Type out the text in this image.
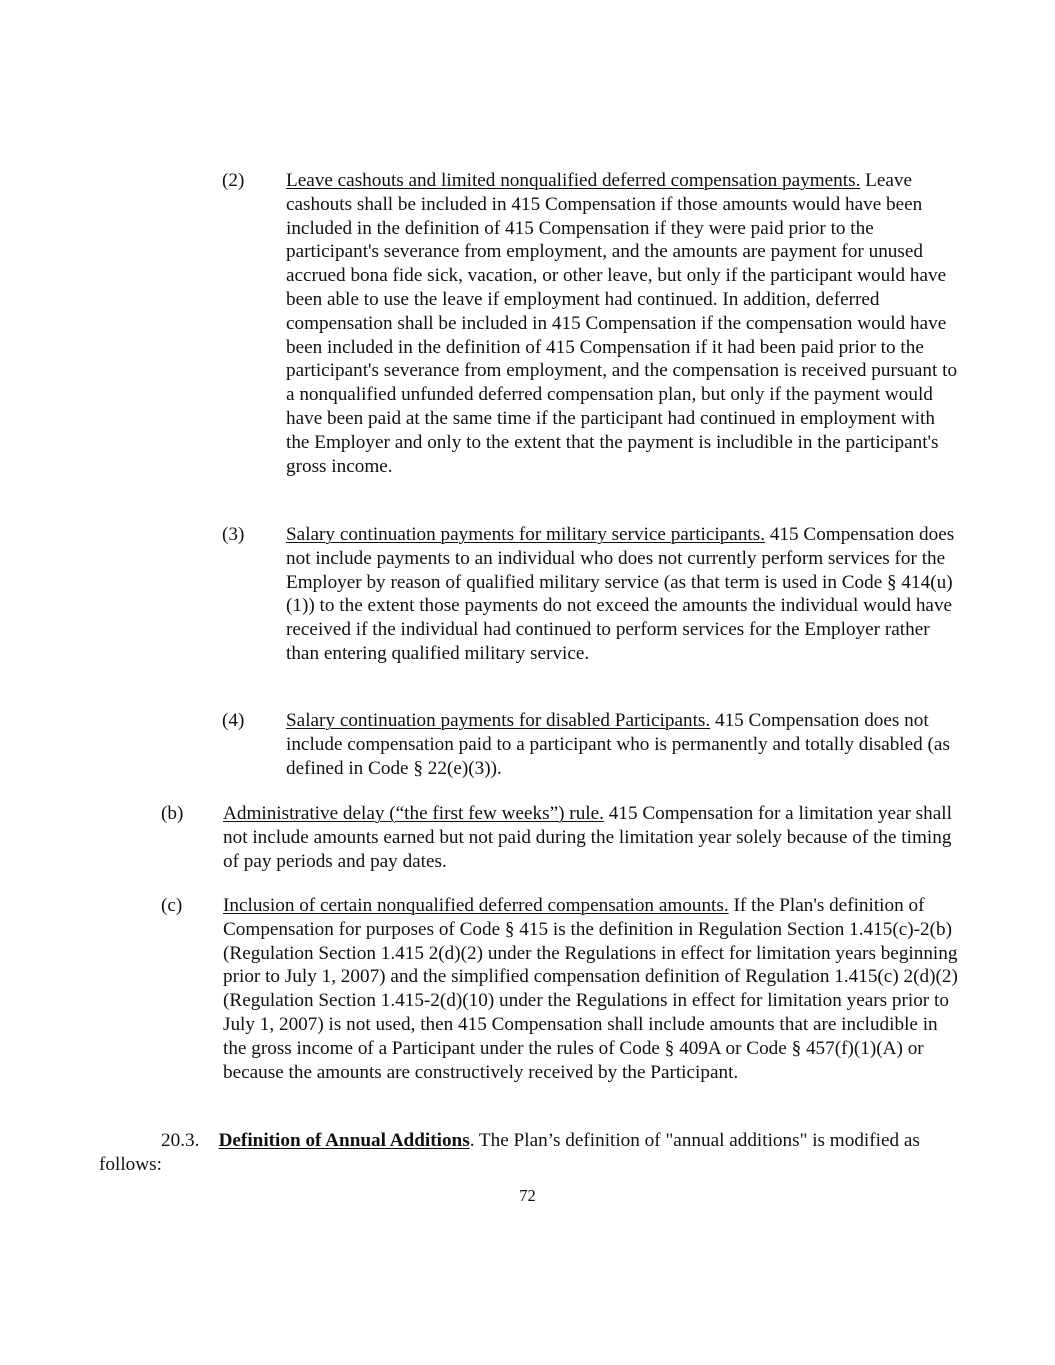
(2) Leave cashouts and limited nonqualified deferred compensation payments. Leave cashouts shall be included in 415 Compensation if those amounts would have been included in the definition of 415 Compensation if they were paid prior to the participant's severance from employment, and the amounts are payment for unused accrued bona fide sick, vacation, or other leave, but only if the participant would have been able to use the leave if employment had continued. In addition, deferred compensation shall be included in 415 Compensation if the compensation would have been included in the definition of 415 Compensation if it had been paid prior to the participant's severance from employment, and the compensation is received pursuant to a nonqualified unfunded deferred compensation plan, but only if the payment would have been paid at the same time if the participant had continued in employment with the Employer and only to the extent that the payment is includible in the participant's gross income.
(3) Salary continuation payments for military service participants. 415 Compensation does not include payments to an individual who does not currently perform services for the Employer by reason of qualified military service (as that term is used in Code § 414(u)(1)) to the extent those payments do not exceed the amounts the individual would have received if the individual had continued to perform services for the Employer rather than entering qualified military service.
(4) Salary continuation payments for disabled Participants. 415 Compensation does not include compensation paid to a participant who is permanently and totally disabled (as defined in Code § 22(e)(3)).
(b) Administrative delay (“the first few weeks”) rule. 415 Compensation for a limitation year shall not include amounts earned but not paid during the limitation year solely because of the timing of pay periods and pay dates.
(c) Inclusion of certain nonqualified deferred compensation amounts. If the Plan's definition of Compensation for purposes of Code § 415 is the definition in Regulation Section 1.415(c)-2(b) (Regulation Section 1.415 2(d)(2) under the Regulations in effect for limitation years beginning prior to July 1, 2007) and the simplified compensation definition of Regulation 1.415(c) 2(d)(2) (Regulation Section 1.415-2(d)(10) under the Regulations in effect for limitation years prior to July 1, 2007) is not used, then 415 Compensation shall include amounts that are includible in the gross income of a Participant under the rules of Code § 409A or Code § 457(f)(1)(A) or because the amounts are constructively received by the Participant.
20.3. Definition of Annual Additions. The Plan’s definition of "annual additions" is modified as follows:
72
